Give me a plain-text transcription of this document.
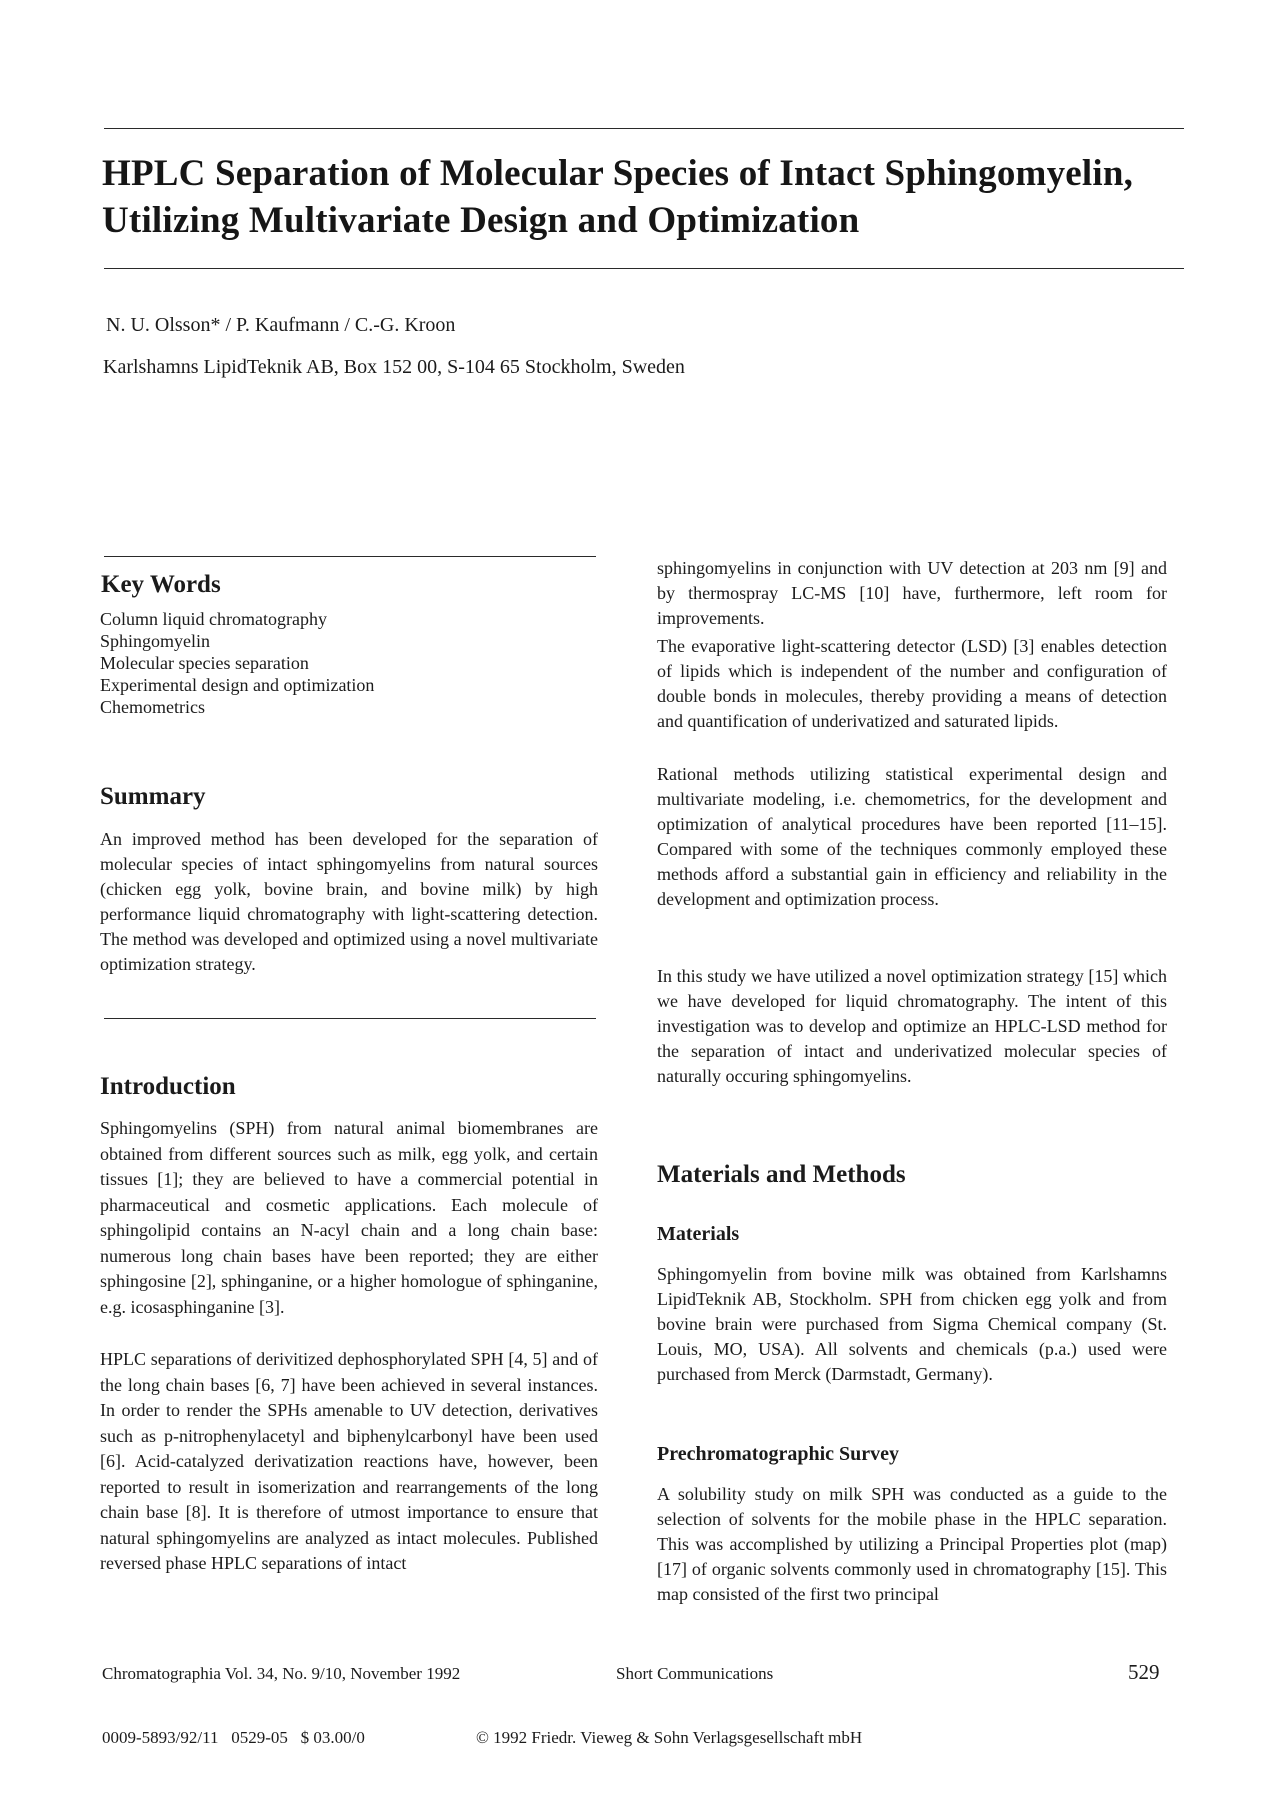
HPLC Separation of Molecular Species of Intact Sphingomyelin,
Utilizing Multivariate Design and Optimization
N. U. Olsson* / P. Kaufmann / C.-G. Kroon
Karlshamns LipidTeknik AB, Box 152 00, S-104 65 Stockholm, Sweden
Key Words
Column liquid chromatography
Sphingomyelin
Molecular species separation
Experimental design and optimization
Chemometrics
Summary

An improved method has been developed for the separation of molecular species of intact sphingomyelins from natural sources (chicken egg yolk, bovine brain, and bovine milk) by high performance liquid chromatography with light-scattering detection. The method was developed and optimized using a novel multivariate optimization strategy.

Introduction

Sphingomyelins (SPH) from natural animal biomembranes are obtained from different sources such as milk, egg yolk, and certain tissues [1]; they are believed to have a commercial potential in pharmaceutical and cosmetic applications. Each molecule of sphingolipid contains an N-acyl chain and a long chain base: numerous long chain bases have been reported; they are either sphingosine [2], sphinganine, or a higher homologue of sphinganine, e.g. icosasphinganine [3].

HPLC separations of derivitized dephosphorylated SPH [4, 5] and of the long chain bases [6, 7] have been achieved in several instances. In order to render the SPHs amenable to UV detection, derivatives such as p-nitrophenylacetyl and biphenylcarbonyl have been used [6]. Acid-catalyzed derivatization reactions have, however, been reported to result in isomerization and rearrangements of the long chain base [8]. It is therefore of utmost importance to ensure that natural sphingomyelins are analyzed as intact molecules. Published reversed phase HPLC separations of intact

sphingomyelins in conjunction with UV detection at 203 nm [9] and by thermospray LC-MS [10] have, furthermore, left room for improvements.

The evaporative light-scattering detector (LSD) [3] enables detection of lipids which is independent of the number and configuration of double bonds in molecules, thereby providing a means of detection and quantification of underivatized and saturated lipids.

Rational methods utilizing statistical experimental design and multivariate modeling, i.e. chemometrics, for the development and optimization of analytical procedures have been reported [11–15]. Compared with some of the techniques commonly employed these methods afford a substantial gain in efficiency and reliability in the development and optimization process.

In this study we have utilized a novel optimization strategy [15] which we have developed for liquid chromatography. The intent of this investigation was to develop and optimize an HPLC-LSD method for the separation of intact and underivatized molecular species of naturally occuring sphingomyelins.

Materials and Methods
Materials

Sphingomyelin from bovine milk was obtained from Karlshamns LipidTeknik AB, Stockholm. SPH from chicken egg yolk and from bovine brain were purchased from Sigma Chemical company (St. Louis, MO, USA). All solvents and chemicals (p.a.) used were purchased from Merck (Darmstadt, Germany).

Prechromatographic Survey

A solubility study on milk SPH was conducted as a guide to the selection of solvents for the mobile phase in the HPLC separation. This was accomplished by utilizing a Principal Properties plot (map) [17] of organic solvents commonly used in chromatography [15]. This map consisted of the first two principal

Chromatographia Vol. 34, No. 9/10, November 1992	Short Communications	529
0009-5893/92/11   0529-05   $ 03.00/0	© 1992 Friedr. Vieweg & Sohn Verlagsgesellschaft mbH
